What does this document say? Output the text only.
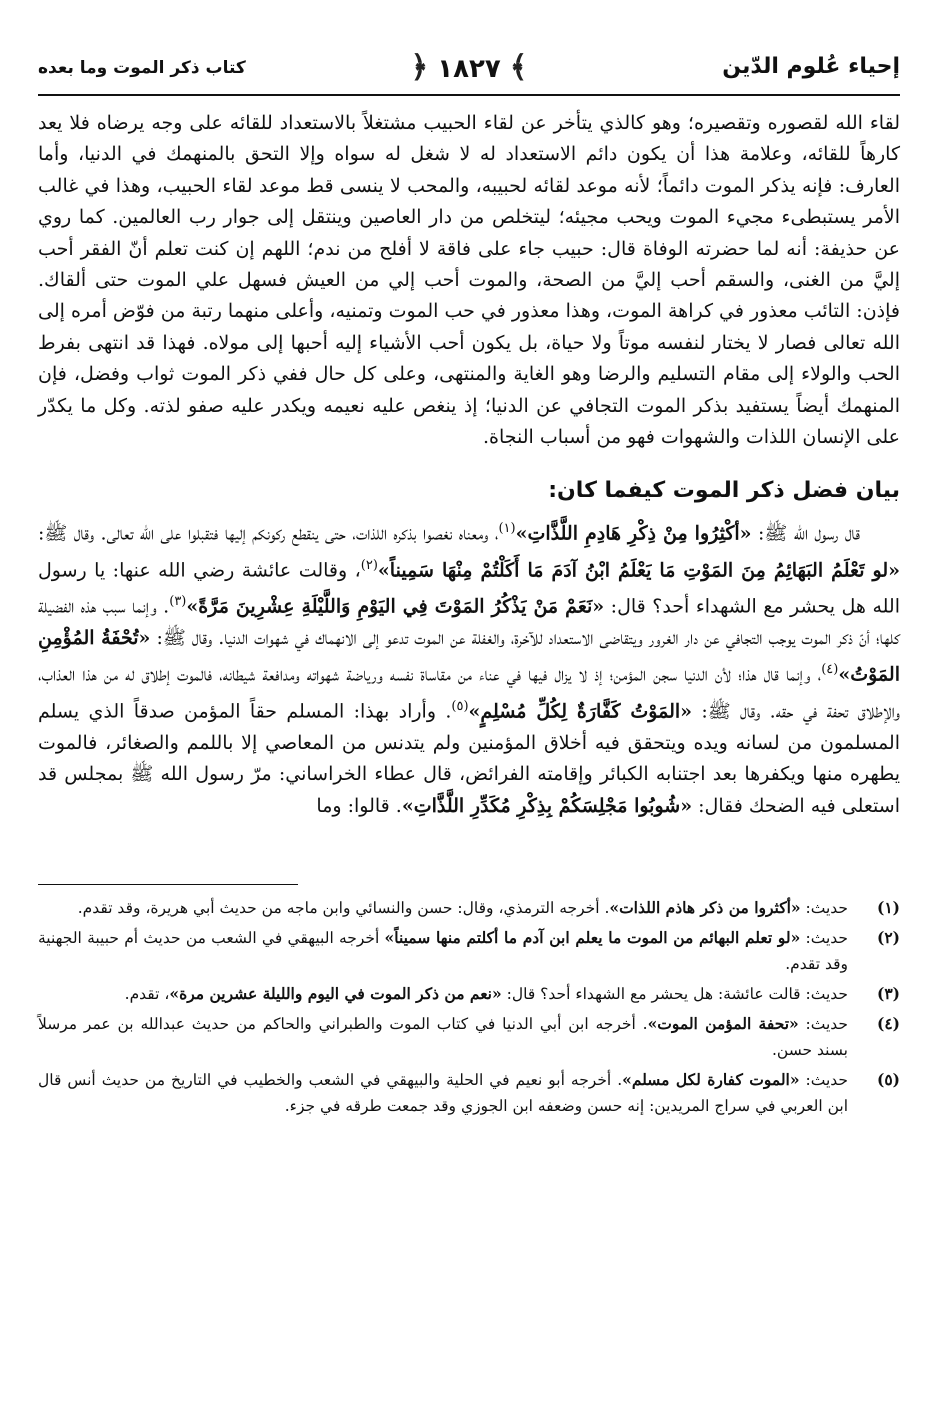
إحياء عُلوم الدّين
﴿ ١٨٢٧ ﴾
كتاب ذكر الموت وما بعده

لقاء الله لقصوره وتقصيره؛ وهو كالذي يتأخر عن لقاء الحبيب مشتغلاً بالاستعداد للقائه على وجه يرضاه فلا يعد كارهاً للقائه، وعلامة هذا أن يكون دائم الاستعداد له لا شغل له سواه وإلا التحق بالمنهمك في الدنيا، وأما العارف: فإنه يذكر الموت دائماً؛ لأنه موعد لقائه لحبيبه، والمحب لا ينسى قط موعد لقاء الحبيب، وهذا في غالب الأمر يستبطىء مجيء الموت ويحب مجيئه؛ ليتخلص من دار العاصين وينتقل إلى جوار رب العالمين. كما روي عن حذيفة: أنه لما حضرته الوفاة قال: حبيب جاء على فاقة لا أفلح من ندم؛ اللهم إن كنت تعلم أنّ الفقر أحب إليَّ من الغنى، والسقم أحب إليَّ من الصحة، والموت أحب إلي من العيش فسهل علي الموت حتى ألقاك. فإذن: التائب معذور في كراهة الموت، وهذا معذور في حب الموت وتمنيه، وأعلى منهما رتبة من فوّض أمره إلى الله تعالى فصار لا يختار لنفسه موتاً ولا حياة، بل يكون أحب الأشياء إليه أحبها إلى مولاه. فهذا قد انتهى بفرط الحب والولاء إلى مقام التسليم والرضا وهو الغاية والمنتهى، وعلى كل حال ففي ذكر الموت ثواب وفضل، فإن المنهمك أيضاً يستفيد بذكر الموت التجافي عن الدنيا؛ إذ ينغص عليه نعيمه ويكدر عليه صفو لذته. وكل ما يكدّر على الإنسان اللذات والشهوات فهو من أسباب النجاة.

بيان فضل ذكر الموت كيفما كان:

قال رسول الله ﷺ: «أكْثِرُوا مِنْ ذِكْرِ هَادِمِ اللَّذَّاتِ»$^{(١)}$، ومعناه نغصوا بذكره اللذات، حتى ينقطع ركونكم إليها فتقبلوا على الله تعالى. وقال ﷺ: «لو تَعْلَمُ البَهَائِمُ مِنَ المَوْتِ مَا يَعْلَمُ ابْنُ آدَمَ مَا أَكَلْتُمْ مِنْهَا سَمِيناً»$^{(٢)}$، وقالت عائشة رضي الله عنها: يا رسول الله هل يحشر مع الشهداء أحد؟ قال: «نَعَمْ مَنْ يَذْكُرُ المَوْتَ فِي اليَوْمِ وَاللَّيْلَةِ عِشْرِينَ مَرَّةً»$^{(٣)}$. وإنما سبب هذه الفضيلة كلها؛ أنّ ذكر الموت يوجب التجافي عن دار الغرور ويتقاضى الاستعداد للآخرة، والغفلة عن الموت تدعو إلى الانهماك في شهوات الدنيا. وقال ﷺ: «تُحْفَةُ المُؤْمِنِ المَوْتُ»$^{(٤)}$، وإنما قال هذا؛ لأن الدنيا سجن المؤمن؛ إذ لا يزال فيها في عناء من مقاساة نفسه ورياضة شهواته ومدافعة شيطانه، فالموت إطلاق له من هذا العذاب، والإطلاق تحفة في حقه. وقال ﷺ: «المَوْتُ كَفَّارَةٌ لِكُلِّ مُسْلِمٍ»$^{(٥)}$. وأراد بهذا: المسلم حقاً المؤمن صدقاً الذي يسلم المسلمون من لسانه ويده ويتحقق فيه أخلاق المؤمنين ولم يتدنس من المعاصي إلا باللمم والصغائر، فالموت يطهره منها ويكفرها بعد اجتنابه الكبائر وإقامته الفرائض، قال عطاء الخراساني: مرّ رسول الله ﷺ بمجلس قد استعلى فيه الضحك فقال: «شُوبُوا مَجْلِسَكُمْ بِذِكْرِ مُكَدِّرِ اللَّذَّاتِ». قالوا: وما

(١)
حديث: «أكثروا من ذكر هاذم اللذات». أخرجه الترمذي، وقال: حسن والنسائي وابن ماجه من حديث أبي هريرة، وقد تقدم.
(٢)
حديث: «لو تعلم البهائم من الموت ما يعلم ابن آدم ما أكلتم منها سميناً» أخرجه البيهقي في الشعب من حديث أم حبيبة الجهنية وقد تقدم.
(٣)
حديث: قالت عائشة: هل يحشر مع الشهداء أحد؟ قال: «نعم من ذكر الموت في اليوم والليلة عشرين مرة»، تقدم.
(٤)
حديث: «تحفة المؤمن الموت». أخرجه ابن أبي الدنيا في كتاب الموت والطبراني والحاكم من حديث عبدالله بن عمر مرسلاً بسند حسن.
(٥)
حديث: «الموت كفارة لكل مسلم». أخرجه أبو نعيم في الحلية والبيهقي في الشعب والخطيب في التاريخ من حديث أنس قال ابن العربي في سراج المريدين: إنه حسن وضعفه ابن الجوزي وقد جمعت طرقه في جزء.
